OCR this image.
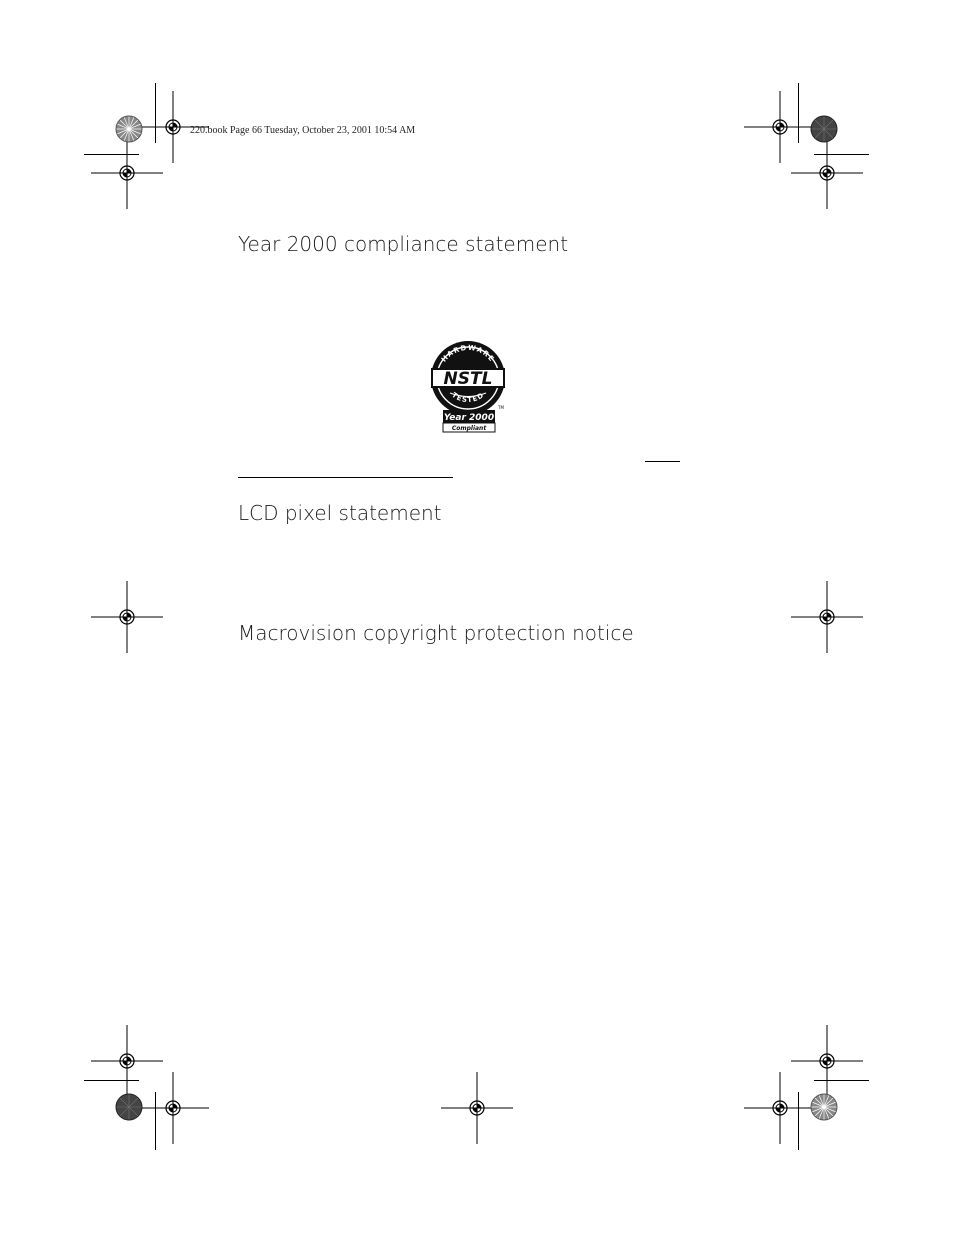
220.book Page 66 Tuesday, October 23, 2001 10:54 AM
Year 2000 compliance statement
LCD pixel statement
Macrovision copyright protection notice
HARDWARE
NSTL
TESTED
Year 2000
Compliant
TM
